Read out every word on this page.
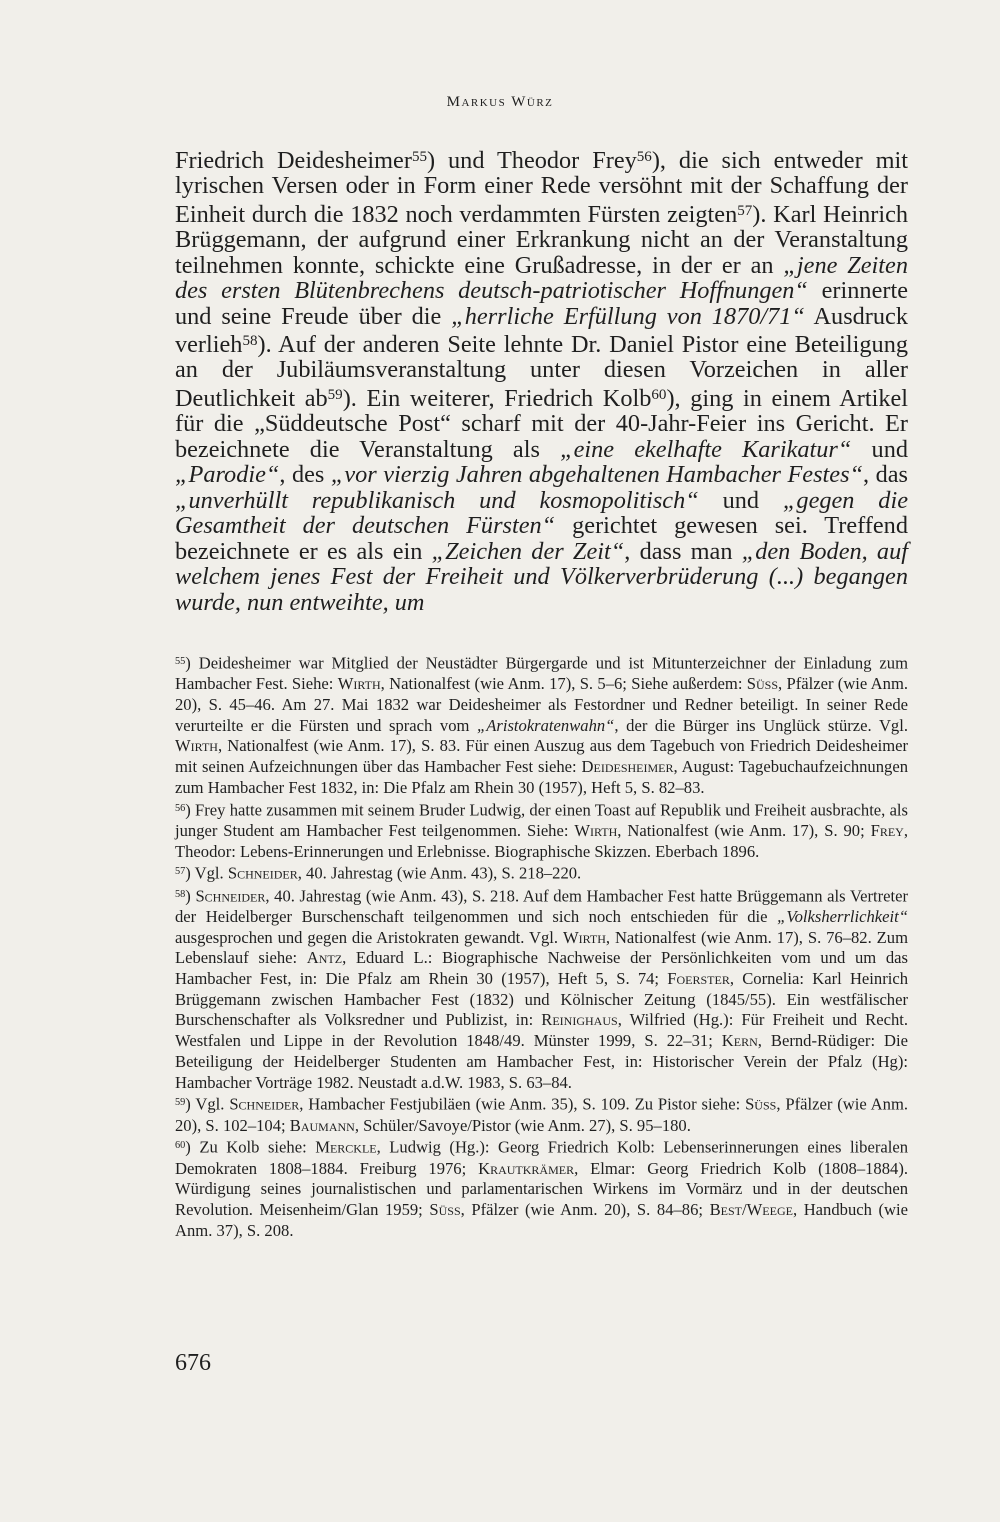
Markus Würz

Friedrich Deidesheimer$^{55}$) und Theodor Frey$^{56}$), die sich entweder mit lyrischen Versen oder in Form einer Rede versöhnt mit der Schaffung der Einheit durch die 1832 noch verdammten Fürsten zeigten$^{57}$). Karl Heinrich Brüggemann, der aufgrund einer Erkrankung nicht an der Veranstaltung teilnehmen konnte, schickte eine Grußadresse, in der er an „jene Zeiten des ersten Blütenbrechens deutsch-patriotischer Hoffnungen“ erinnerte und seine Freude über die „herrliche Erfüllung von 1870/71“ Ausdruck verlieh$^{58}$). Auf der anderen Seite lehnte Dr. Daniel Pistor eine Beteiligung an der Jubiläumsveranstaltung unter diesen Vorzeichen in aller Deutlichkeit ab$^{59}$). Ein weiterer, Friedrich Kolb$^{60}$), ging in einem Artikel für die „Süddeutsche Post“ scharf mit der 40-Jahr-Feier ins Gericht. Er bezeichnete die Veranstaltung als „eine ekelhafte Karikatur“ und „Parodie“, des „vor vierzig Jahren abgehaltenen Hambacher Festes“, das „unverhüllt republikanisch und kosmopolitisch“ und „gegen die Gesamtheit der deutschen Fürsten“ gerichtet gewesen sei. Treffend bezeichnete er es als ein „Zeichen der Zeit“, dass man „den Boden, auf welchem jenes Fest der Freiheit und Völkerverbrüderung (...) begangen wurde, nun entweihte, um

$^{55}$) Deidesheimer war Mitglied der Neustädter Bürgergarde und ist Mitunterzeichner der Einladung zum Hambacher Fest. Siehe: Wirth, Nationalfest (wie Anm. 17), S. 5–6; Siehe außerdem: Süss, Pfälzer (wie Anm. 20), S. 45–46. Am 27. Mai 1832 war Deidesheimer als Festordner und Redner beteiligt. In seiner Rede verurteilte er die Fürsten und sprach vom „Aristokratenwahn“, der die Bürger ins Unglück stürze. Vgl. Wirth, Nationalfest (wie Anm. 17), S. 83. Für einen Auszug aus dem Tagebuch von Friedrich Deidesheimer mit seinen Aufzeichnungen über das Hambacher Fest siehe: Deidesheimer, August: Tagebuchaufzeichnungen zum Hambacher Fest 1832, in: Die Pfalz am Rhein 30 (1957), Heft 5, S. 82–83.

$^{56}$) Frey hatte zusammen mit seinem Bruder Ludwig, der einen Toast auf Republik und Freiheit ausbrachte, als junger Student am Hambacher Fest teilgenommen. Siehe: Wirth, Nationalfest (wie Anm. 17), S. 90; Frey, Theodor: Lebens-Erinnerungen und Erlebnisse. Biographische Skizzen. Eberbach 1896.

$^{57}$) Vgl. Schneider, 40. Jahrestag (wie Anm. 43), S. 218–220.

$^{58}$) Schneider, 40. Jahrestag (wie Anm. 43), S. 218. Auf dem Hambacher Fest hatte Brüggemann als Vertreter der Heidelberger Burschenschaft teilgenommen und sich noch entschieden für die „Volksherrlichkeit“ ausgesprochen und gegen die Aristokraten gewandt. Vgl. Wirth, Nationalfest (wie Anm. 17), S. 76–82. Zum Lebenslauf siehe: Antz, Eduard L.: Biographische Nachweise der Persönlichkeiten vom und um das Hambacher Fest, in: Die Pfalz am Rhein 30 (1957), Heft 5, S. 74; Foerster, Cornelia: Karl Heinrich Brüggemann zwischen Hambacher Fest (1832) und Kölnischer Zeitung (1845/55). Ein westfälischer Burschenschafter als Volksredner und Publizist, in: Reinighaus, Wilfried (Hg.): Für Freiheit und Recht. Westfalen und Lippe in der Revolution 1848/49. Münster 1999, S. 22–31; Kern, Bernd-Rüdiger: Die Beteiligung der Heidelberger Studenten am Hambacher Fest, in: Historischer Verein der Pfalz (Hg): Hambacher Vorträge 1982. Neustadt a.d.W. 1983, S. 63–84.

$^{59}$) Vgl. Schneider, Hambacher Festjubiläen (wie Anm. 35), S. 109. Zu Pistor siehe: Süss, Pfälzer (wie Anm. 20), S. 102–104; Baumann, Schüler/Savoye/Pistor (wie Anm. 27), S. 95–180.

$^{60}$) Zu Kolb siehe: Merckle, Ludwig (Hg.): Georg Friedrich Kolb: Lebenserinnerungen eines liberalen Demokraten 1808–1884. Freiburg 1976; Krautkrämer, Elmar: Georg Friedrich Kolb (1808–1884). Würdigung seines journalistischen und parlamentarischen Wirkens im Vormärz und in der deutschen Revolution. Meisenheim/Glan 1959; Süss, Pfälzer (wie Anm. 20), S. 84–86; Best/Weege, Handbuch (wie Anm. 37), S. 208.

676
